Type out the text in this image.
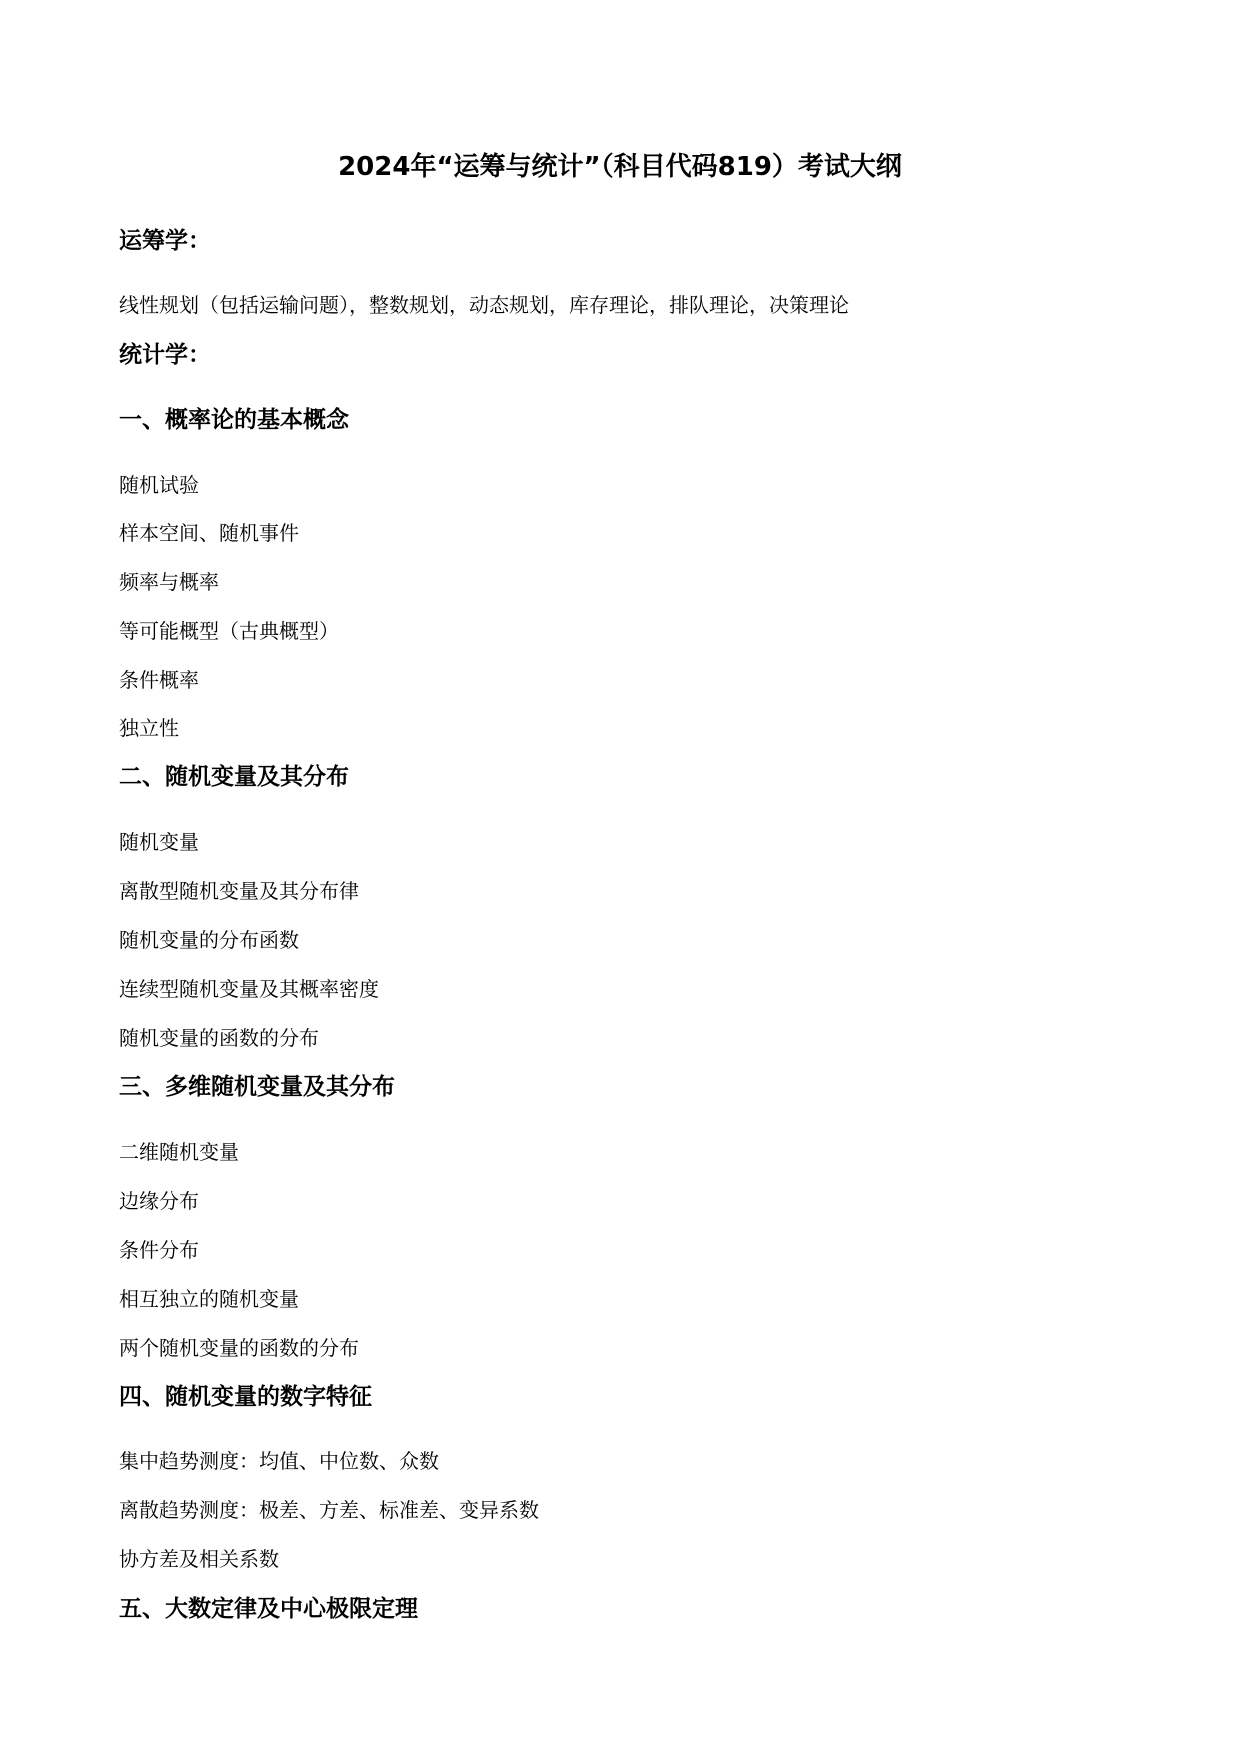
2024年“运筹与统计”（科目代码819）考试大纲
运筹学：
线性规划（包括运输问题），整数规划，动态规划，库存理论，排队理论，决策理论
统计学：
一、概率论的基本概念
随机试验
样本空间、随机事件
频率与概率
等可能概型（古典概型）
条件概率
独立性
二、随机变量及其分布
随机变量
离散型随机变量及其分布律
随机变量的分布函数
连续型随机变量及其概率密度
随机变量的函数的分布
三、多维随机变量及其分布
二维随机变量
边缘分布
条件分布
相互独立的随机变量
两个随机变量的函数的分布
四、随机变量的数字特征
集中趋势测度：均值、中位数、众数
离散趋势测度：极差、方差、标准差、变异系数
协方差及相关系数
五、大数定律及中心极限定理
